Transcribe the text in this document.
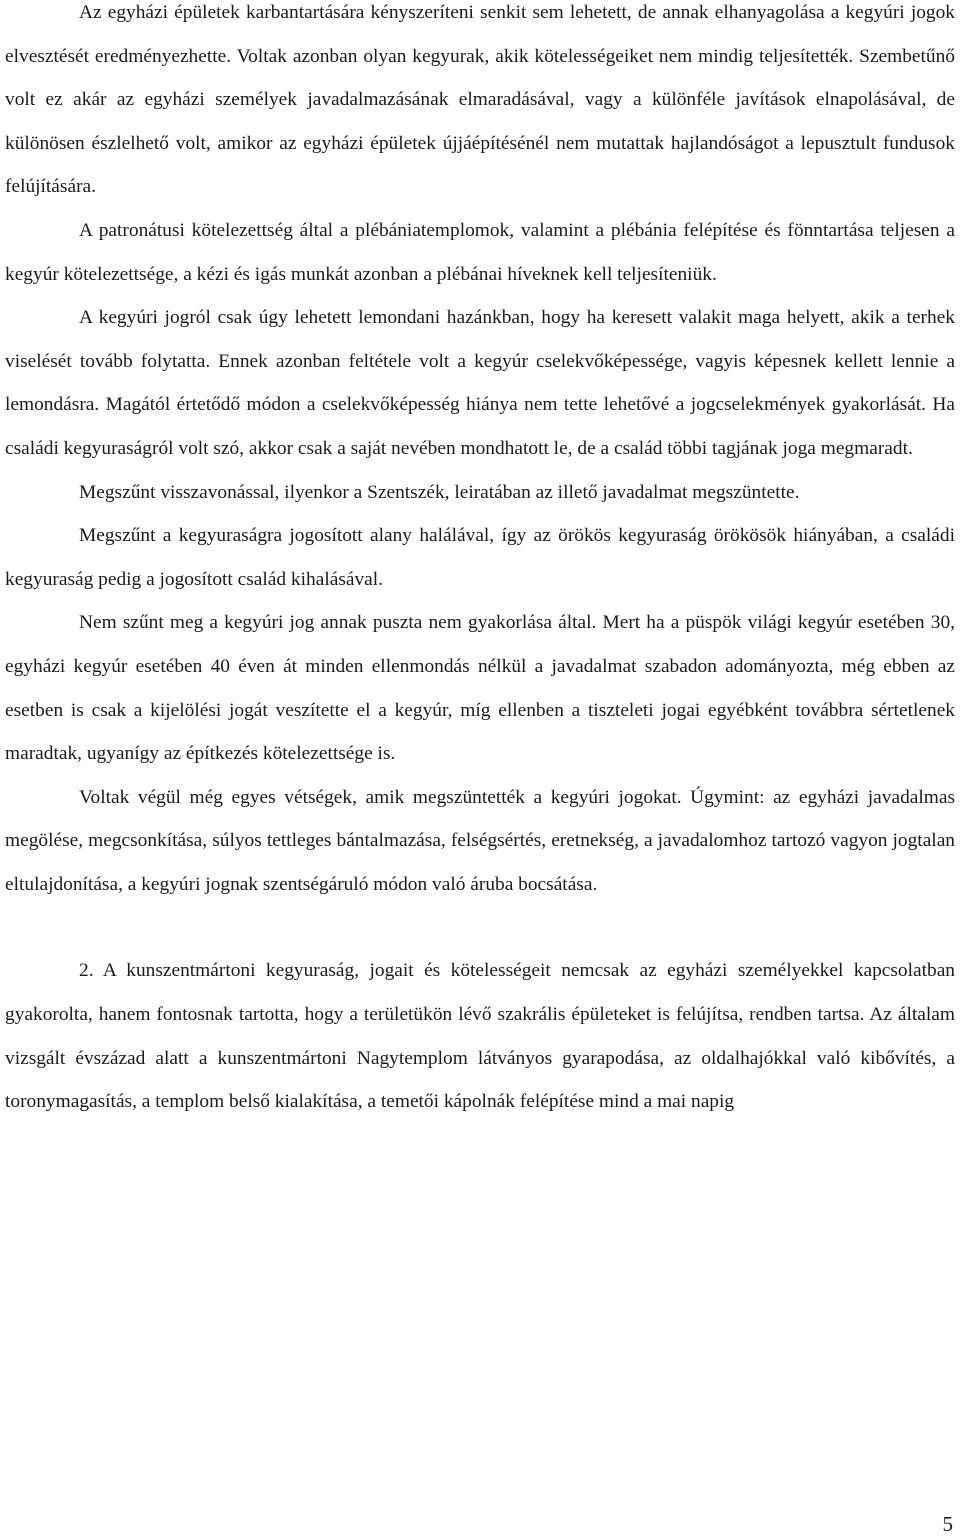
Az egyházi épületek karbantartására kényszeríteni senkit sem lehetett, de annak elhanyagolása a kegyúri jogok elvesztését eredményezhette. Voltak azonban olyan kegyurak, akik kötelességeiket nem mindig teljesítették. Szembetűnő volt ez akár az egyházi személyek javadalmazásának elmaradásával, vagy a különféle javítások elnapolásával, de különösen észlelhető volt, amikor az egyházi épületek újjáépítésénél nem mutattak hajlandóságot a lepusztult fundusok felújítására.

A patronátusi kötelezettség által a plébániatemplomok, valamint a plébánia felépítése és fönntartása teljesen a kegyúr kötelezettsége, a kézi és igás munkát azonban a plébánai híveknek kell teljesíteniük.

A kegyúri jogról csak úgy lehetett lemondani hazánkban, hogy ha keresett valakit maga helyett, akik a terhek viselését tovább folytatta. Ennek azonban feltétele volt a kegyúr cselekvőképessége, vagyis képesnek kellett lennie a lemondásra. Magától értetődő módon a cselekvőképesség hiánya nem tette lehetővé a jogcselekmények gyakorlását. Ha családi kegyuraságról volt szó, akkor csak a saját nevében mondhatott le, de a család többi tagjának joga megmaradt.

Megszűnt visszavonással, ilyenkor a Szentszék, leiratában az illető javadalmat megszüntette.

Megszűnt a kegyuraságra jogosított alany halálával, így az örökös kegyuraság örökösök hiányában, a családi kegyuraság pedig a jogosított család kihalásával.

Nem szűnt meg a kegyúri jog annak puszta nem gyakorlása által. Mert ha a püspök világi kegyúr esetében 30, egyházi kegyúr esetében 40 éven át minden ellenmondás nélkül a javadalmat szabadon adományozta, még ebben az esetben is csak a kijelölési jogát veszítette el a kegyúr, míg ellenben a tiszteleti jogai egyébként továbbra sértetlenek maradtak, ugyanígy az építkezés kötelezettsége is.

Voltak végül még egyes vétségek, amik megszüntették a kegyúri jogokat. Úgymint: az egyházi javadalmas megölése, megcsonkítása, súlyos tettleges bántalmazása, felségsértés, eretnekség, a javadalomhoz tartozó vagyon jogtalan eltulajdonítása, a kegyúri jognak szentségáruló módon való áruba bocsátása.

2. A kunszentmártoni kegyuraság, jogait és kötelességeit nemcsak az egyházi személyekkel kapcsolatban gyakorolta, hanem fontosnak tartotta, hogy a területükön lévő szakrális épületeket is felújítsa, rendben tartsa. Az általam vizsgált évszázad alatt a kunszentmártoni Nagytemplom látványos gyarapodása, az oldalhajókkal való kibővítés, a toronymagasítás, a templom belső kialakítása, a temetői kápolnák felépítése mind a mai napig

5
